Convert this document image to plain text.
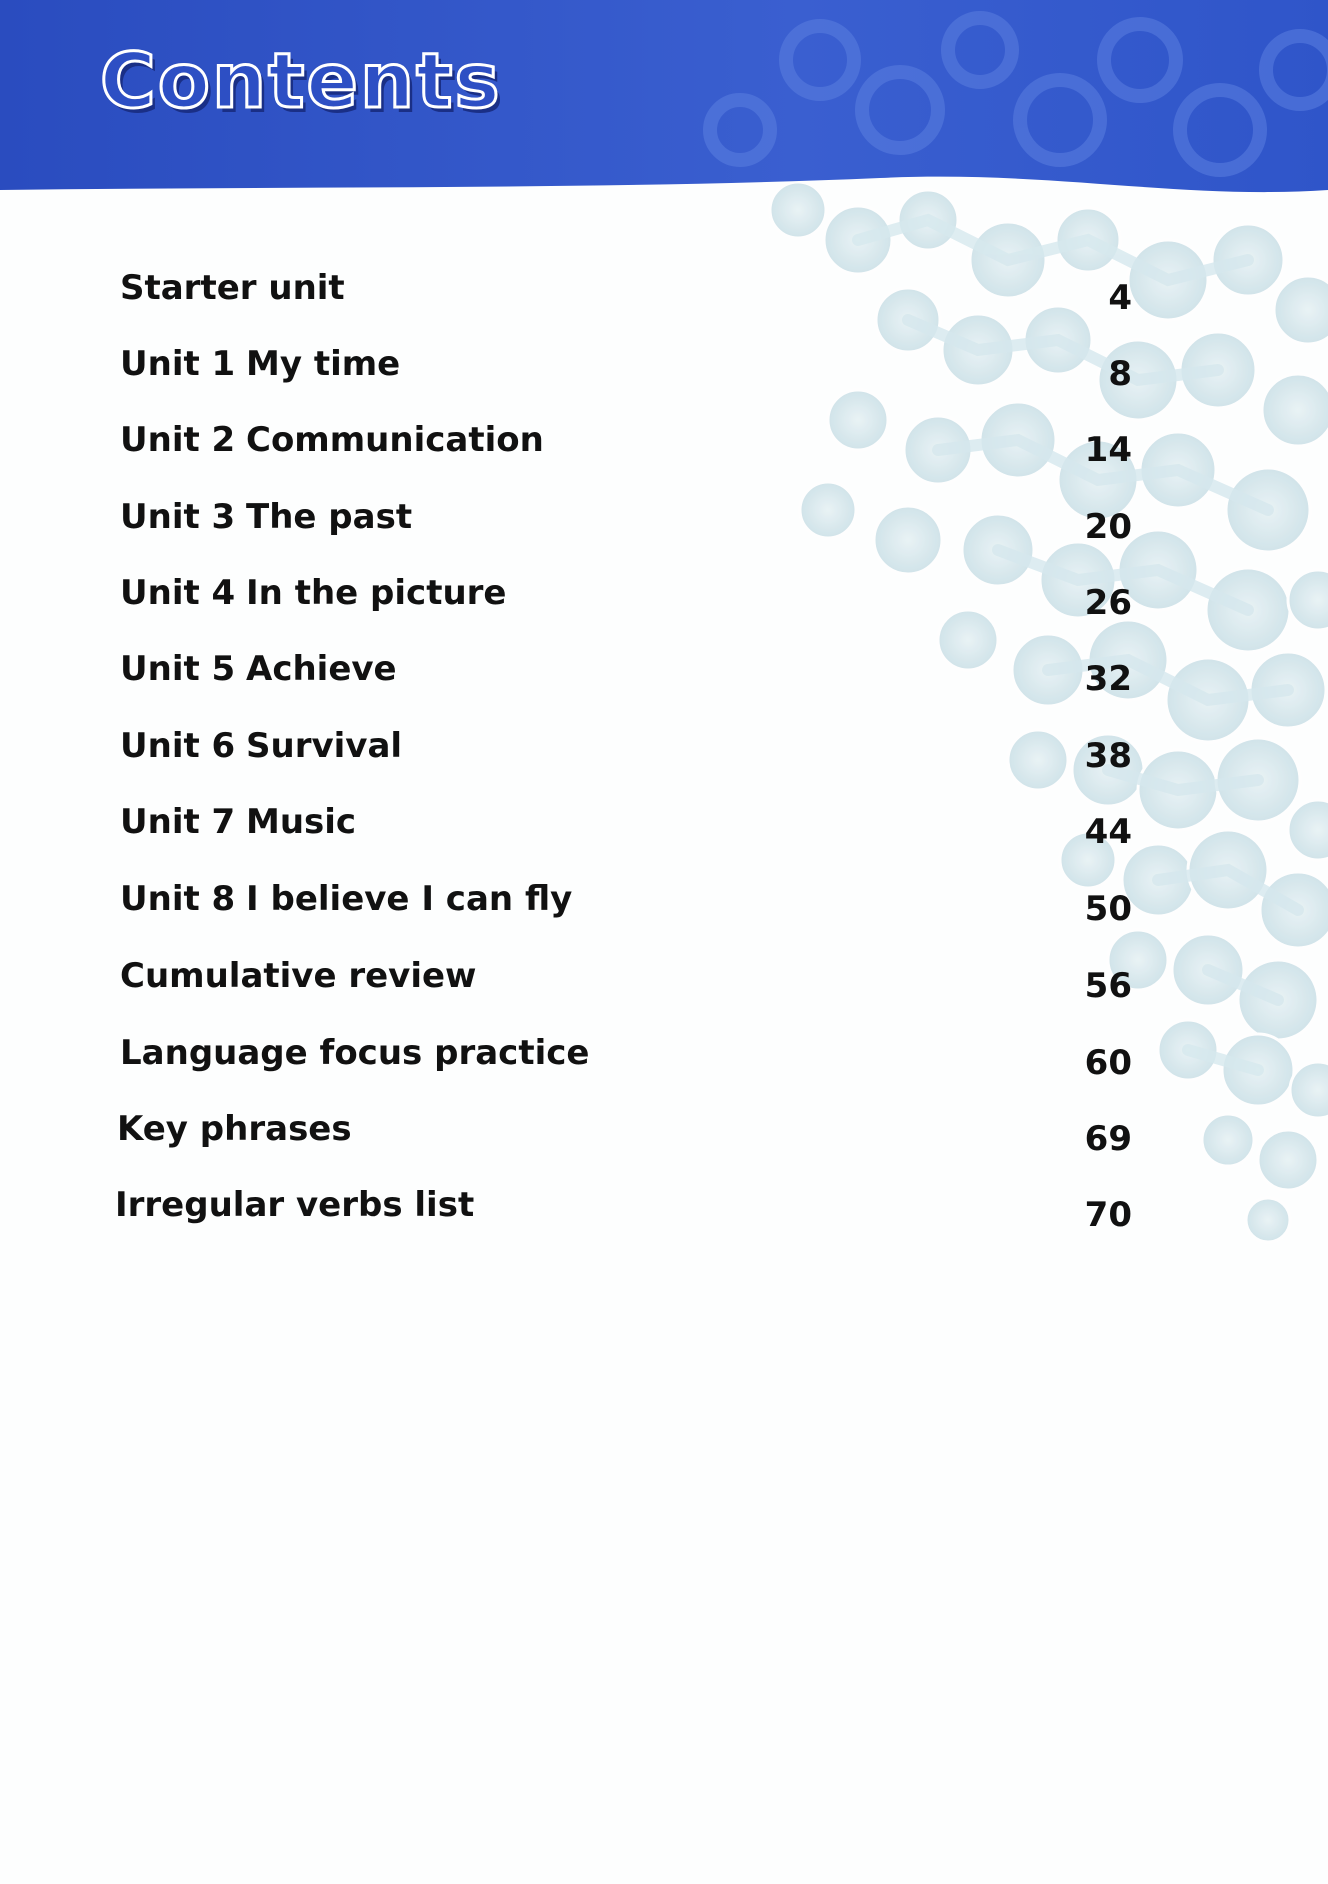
Contents
Starter unit	4
Unit 1 My time	8
Unit 2 Communication	14
Unit 3 The past	20
Unit 4 In the picture	26
Unit 5 Achieve	32
Unit 6 Survival	38
Unit 7 Music	44
Unit 8 I believe I can fly	50
Cumulative review	56
Language focus practice	60
Key phrases	69
Irregular verbs list	70
